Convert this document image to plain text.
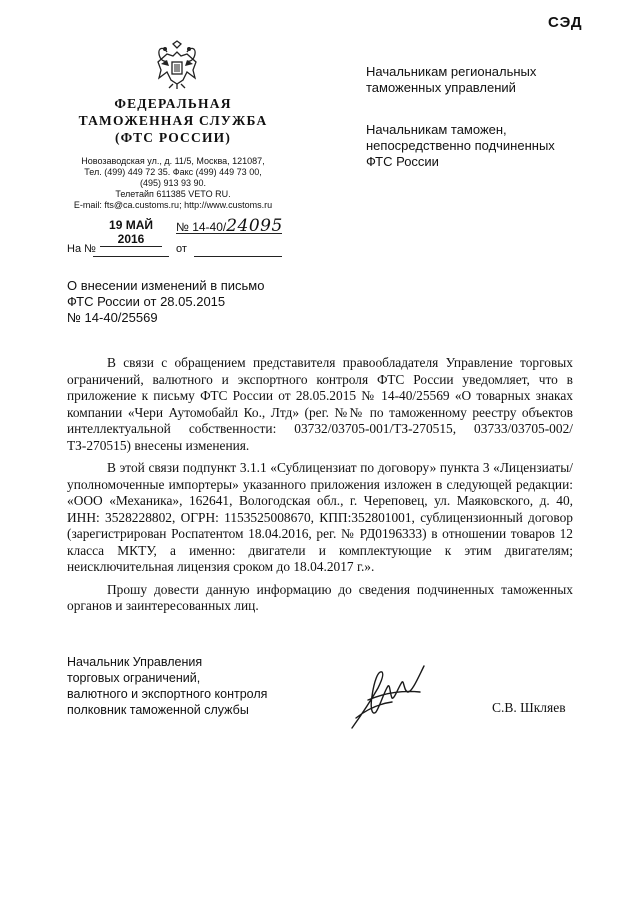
СЭД
ФЕДЕРАЛЬНАЯ
ТАМОЖЕННАЯ СЛУЖБА
(ФТС РОССИИ)
Новозаводская ул., д. 11/5, Москва, 121087,
Тел. (499) 449 72 35. Факс (499) 449 73 00,
(495) 913 93 90.
Телетайп 611385 VETO RU.
E-mail: fts@ca.customs.ru; http://www.customs.ru
19 МАЙ 2016
№ 14-40/24095
На №	от
Начальникам региональных
таможенных управлений
Начальникам таможен,
непосредственно подчиненных
ФТС России
О внесении изменений в письмо
ФТС России от 28.05.2015
№ 14-40/25569

В связи с обращением представителя правообладателя Управление торговых ограничений, валютного и экспортного контроля ФТС России уведомляет, что в приложение к письму ФТС России от 28.05.2015 № 14-40/25569 «О товарных знаках компании «Чери Аутомобайл Ко., Лтд» (рег. №№ по таможенному реестру объектов интеллектуальной собственности: 03732/03705-001/ТЗ-270515, 03733/03705-002/ТЗ-270515) внесены изменения.

В этой связи подпункт 3.1.1 «Сублицензиат по договору» пункта 3 «Лицензиаты/уполномоченные импортеры» указанного приложения изложен в следующей редакции: «ООО «Механика», 162641, Вологодская обл., г. Череповец, ул. Маяковского, д. 40, ИНН: 3528228802, ОГРН: 1153525008670, КПП:352801001, сублицензионный договор (зарегистрирован Роспатентом 18.04.2016, рег. № РД0196333) в отношении товаров 12 класса МКТУ, а именно: двигатели и комплектующие к этим двигателям; неисключительная лицензия сроком до 18.04.2017 г.».

Прошу довести данную информацию до сведения подчиненных таможенных органов и заинтересованных лиц.

Начальник Управления
торговых ограничений,
валютного и экспортного контроля
полковник таможенной службы	С.В. Шкляев
